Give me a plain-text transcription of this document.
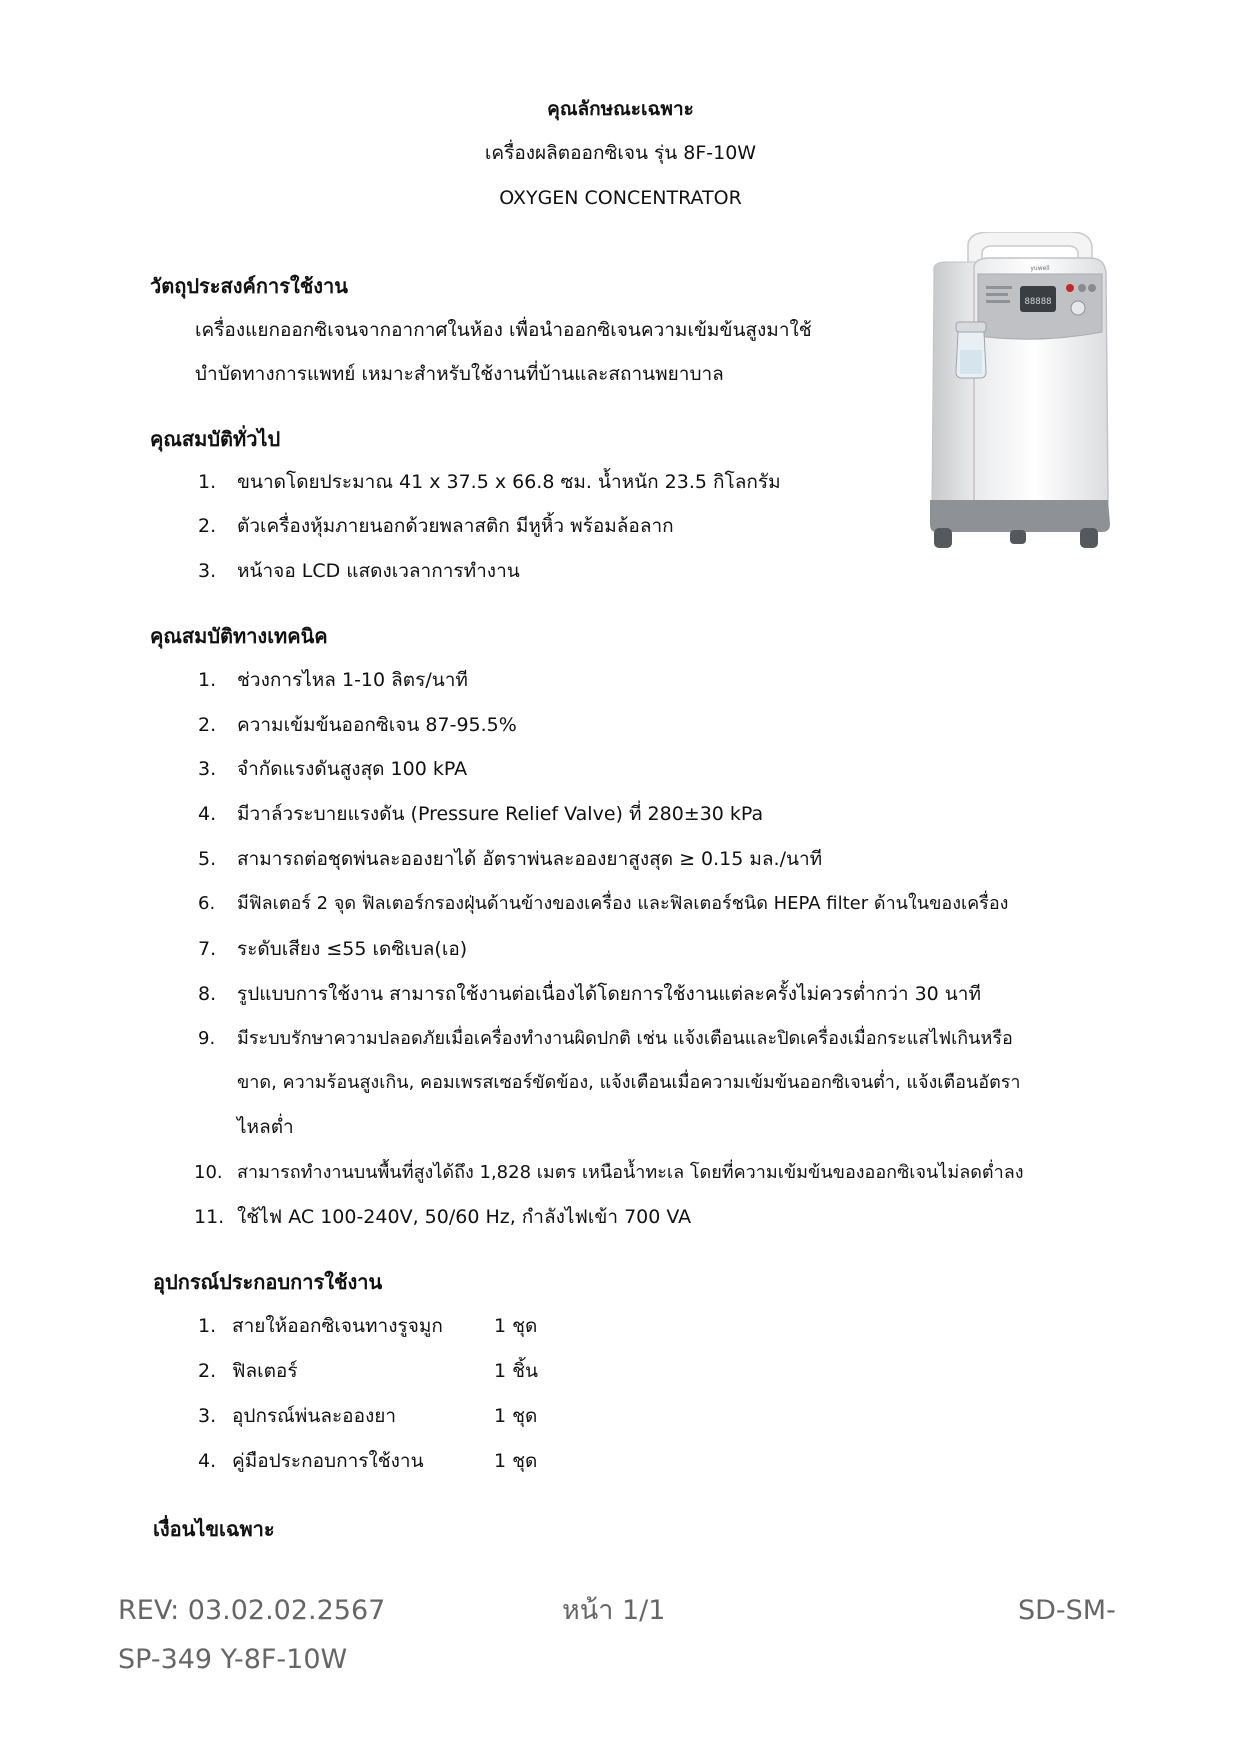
คุณลักษณะเฉพาะ
เครื่องผลิตออกซิเจน รุ่น 8F-10W
OXYGEN CONCENTRATOR
88888
yuwell
วัตถุประสงค์การใช้งาน
เครื่องแยกออกซิเจนจากอากาศในห้อง เพื่อนำออกซิเจนความเข้มข้นสูงมาใช้
บำบัดทางการแพทย์ เหมาะสำหรับใช้งานที่บ้านและสถานพยาบาล
คุณสมบัติทั่วไป
1. ขนาดโดยประมาณ 41 x 37.5 x 66.8 ซม. น้ำหนัก 23.5 กิโลกรัม
2. ตัวเครื่องหุ้มภายนอกด้วยพลาสติก มีหูหิ้ว พร้อมล้อลาก
3. หน้าจอ LCD แสดงเวลาการทำงาน
คุณสมบัติทางเทคนิค
1. ช่วงการไหล 1-10 ลิตร/นาที
2. ความเข้มข้นออกซิเจน 87-95.5%
3. จำกัดแรงดันสูงสุด 100 kPA
4. มีวาล์วระบายแรงดัน (Pressure Relief Valve) ที่ 280±30 kPa
5. สามารถต่อชุดพ่นละอองยาได้ อัตราพ่นละอองยาสูงสุด ≥ 0.15 มล./นาที
6. มีฟิลเตอร์ 2 จุด ฟิลเตอร์กรองฝุ่นด้านข้างของเครื่อง และฟิลเตอร์ชนิด HEPA filter ด้านในของเครื่อง
7. ระดับเสียง ≤55 เดซิเบล(เอ)
8. รูปแบบการใช้งาน สามารถใช้งานต่อเนื่องได้โดยการใช้งานแต่ละครั้งไม่ควรต่ำกว่า 30 นาที
9. มีระบบรักษาความปลอดภัยเมื่อเครื่องทำงานผิดปกติ เช่น แจ้งเตือนและปิดเครื่องเมื่อกระแสไฟเกินหรือ
ขาด, ความร้อนสูงเกิน, คอมเพรสเซอร์ขัดข้อง, แจ้งเตือนเมื่อความเข้มข้นออกซิเจนต่ำ, แจ้งเตือนอัตรา
ไหลต่ำ
10. สามารถทำงานบนพื้นที่สูงได้ถึง 1,828 เมตร เหนือน้ำทะเล โดยที่ความเข้มข้นของออกซิเจนไม่ลดต่ำลง
11. ใช้ไฟ AC 100-240V, 50/60 Hz, กำลังไฟเข้า 700 VA
อุปกรณ์ประกอบการใช้งาน
1. สายให้ออกซิเจนทางรูจมูก	1 ชุด
2. ฟิลเตอร์	1 ชิ้น
3. อุปกรณ์พ่นละอองยา	1 ชุด
4. คู่มือประกอบการใช้งาน	1 ชุด
เงื่อนไขเฉพาะ
REV: 03.02.02.2567	หน้า 1/1	SD-SM-
SP-349 Y-8F-10W
